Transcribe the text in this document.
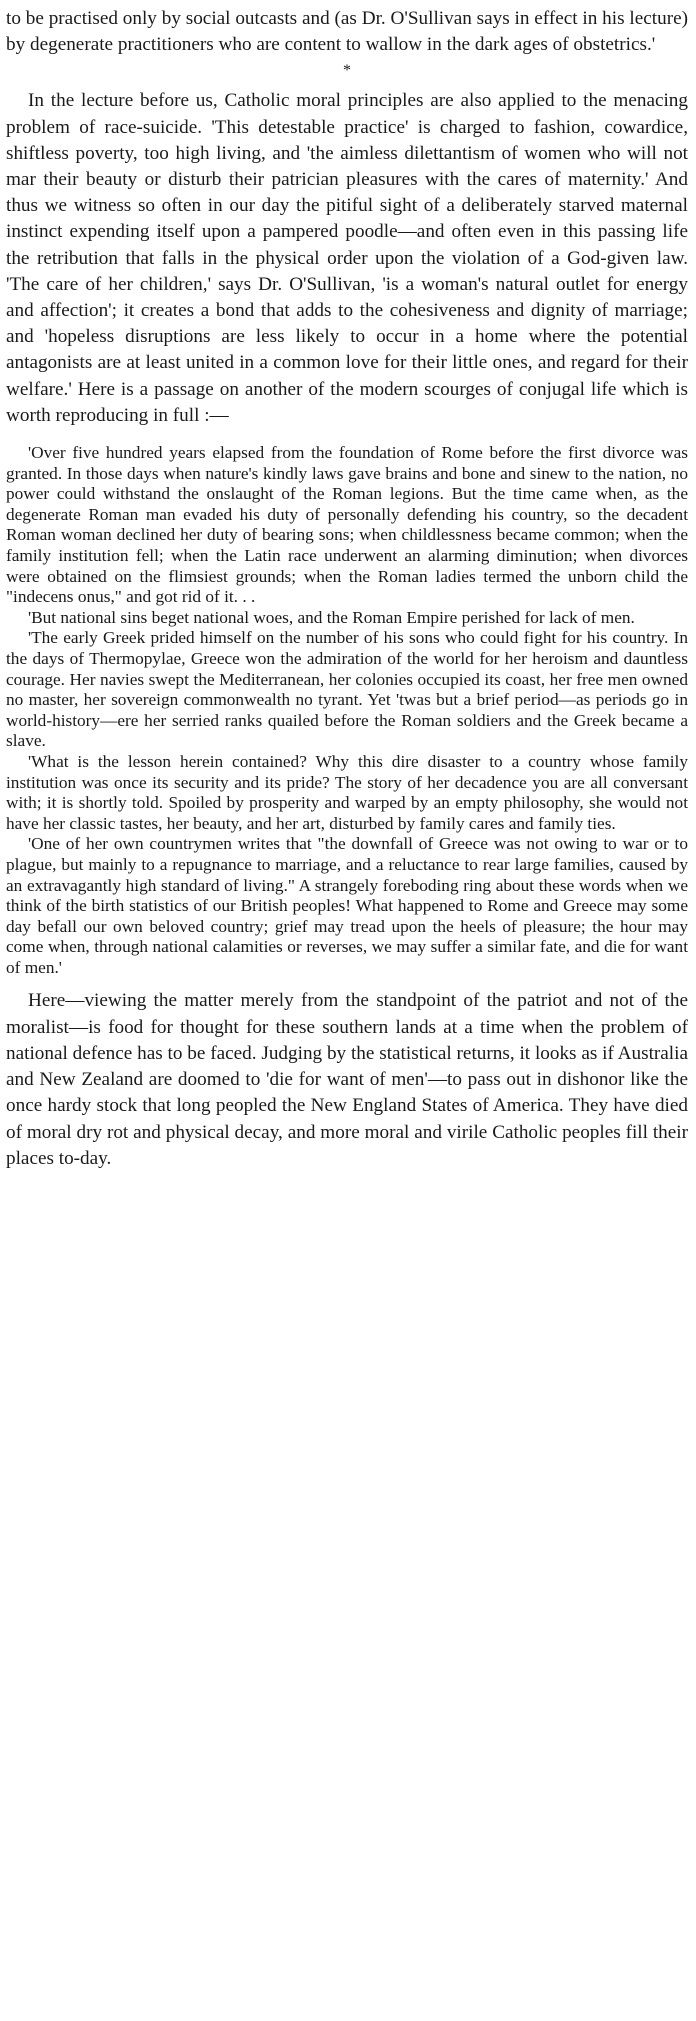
to be practised only by social outcasts and (as Dr. O'Sullivan says in effect in his lecture) by degenerate practitioners who are content to wallow in the dark ages of obstetrics.'

*

In the lecture before us, Catholic moral principles are also applied to the menacing problem of race-suicide. 'This detestable practice' is charged to fashion, cowardice, shiftless poverty, too high living, and 'the aimless dilettantism of women who will not mar their beauty or disturb their patrician pleasures with the cares of maternity.' And thus we witness so often in our day the pitiful sight of a deliberately starved maternal instinct expending itself upon a pampered poodle—and often even in this passing life the retribution that falls in the physical order upon the violation of a God-given law. 'The care of her children,' says Dr. O'Sullivan, 'is a woman's natural outlet for energy and affection'; it creates a bond that adds to the cohesiveness and dignity of marriage; and 'hopeless disruptions are less likely to occur in a home where the potential antagonists are at least united in a common love for their little ones, and regard for their welfare.' Here is a passage on another of the modern scourges of conjugal life which is worth reproducing in full :—

'Over five hundred years elapsed from the foundation of Rome before the first divorce was granted. In those days when nature's kindly laws gave brains and bone and sinew to the nation, no power could withstand the onslaught of the Roman legions. But the time came when, as the degenerate Roman man evaded his duty of personally defending his country, so the decadent Roman woman declined her duty of bearing sons; when childlessness became common; when the family institution fell; when the Latin race underwent an alarming diminution; when divorces were obtained on the flimsiest grounds; when the Roman ladies termed the unborn child the "indecens onus," and got rid of it. . .

'But national sins beget national woes, and the Roman Empire perished for lack of men.

'The early Greek prided himself on the number of his sons who could fight for his country. In the days of Thermopylae, Greece won the admiration of the world for her heroism and dauntless courage. Her navies swept the Mediterranean, her colonies occupied its coast, her free men owned no master, her sovereign commonwealth no tyrant. Yet 'twas but a brief period—as periods go in world-history—ere her serried ranks quailed before the Roman soldiers and the Greek became a slave.

'What is the lesson herein contained? Why this dire disaster to a country whose family institution was once its security and its pride? The story of her decadence you are all conversant with; it is shortly told. Spoiled by prosperity and warped by an empty philosophy, she would not have her classic tastes, her beauty, and her art, disturbed by family cares and family ties.

'One of her own countrymen writes that "the downfall of Greece was not owing to war or to plague, but mainly to a repugnance to marriage, and a reluctance to rear large families, caused by an extravagantly high standard of living." A strangely foreboding ring about these words when we think of the birth statistics of our British peoples! What happened to Rome and Greece may some day befall our own beloved country; grief may tread upon the heels of pleasure; the hour may come when, through national calamities or reverses, we may suffer a similar fate, and die for want of men.'

Here—viewing the matter merely from the standpoint of the patriot and not of the moralist—is food for thought for these southern lands at a time when the problem of national defence has to be faced. Judging by the statistical returns, it looks as if Australia and New Zealand are doomed to 'die for want of men'—to pass out in dishonor like the once hardy stock that long peopled the New England States of America. They have died of moral dry rot and physical decay, and more moral and virile Catholic peoples fill their places to-day.
